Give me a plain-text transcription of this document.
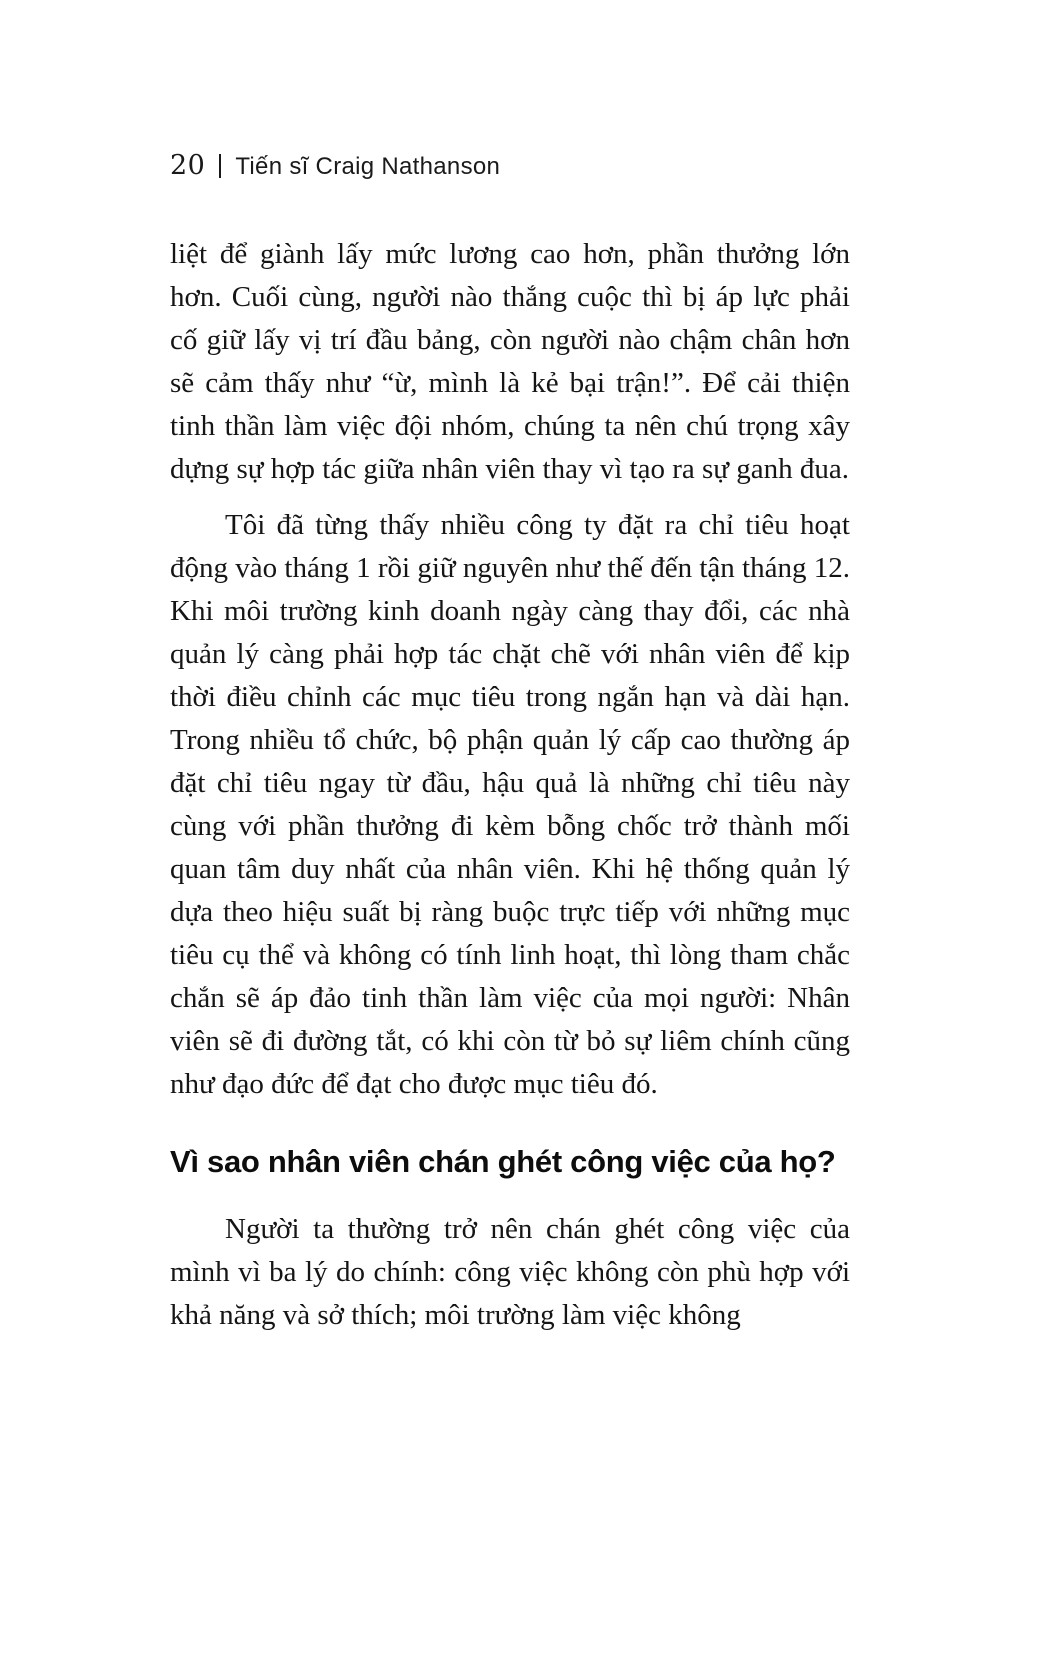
20 Tiến sĩ Craig Nathanson

liệt để giành lấy mức lương cao hơn, phần thưởng lớn hơn. Cuối cùng, người nào thắng cuộc thì bị áp lực phải cố giữ lấy vị trí đầu bảng, còn người nào chậm chân hơn sẽ cảm thấy như “ừ, mình là kẻ bại trận!”. Để cải thiện tinh thần làm việc đội nhóm, chúng ta nên chú trọng xây dựng sự hợp tác giữa nhân viên thay vì tạo ra sự ganh đua.

Tôi đã từng thấy nhiều công ty đặt ra chỉ tiêu hoạt động vào tháng 1 rồi giữ nguyên như thế đến tận tháng 12. Khi môi trường kinh doanh ngày càng thay đổi, các nhà quản lý càng phải hợp tác chặt chẽ với nhân viên để kịp thời điều chỉnh các mục tiêu trong ngắn hạn và dài hạn. Trong nhiều tổ chức, bộ phận quản lý cấp cao thường áp đặt chỉ tiêu ngay từ đầu, hậu quả là những chỉ tiêu này cùng với phần thưởng đi kèm bỗng chốc trở thành mối quan tâm duy nhất của nhân viên. Khi hệ thống quản lý dựa theo hiệu suất bị ràng buộc trực tiếp với những mục tiêu cụ thể và không có tính linh hoạt, thì lòng tham chắc chắn sẽ áp đảo tinh thần làm việc của mọi người: Nhân viên sẽ đi đường tắt, có khi còn từ bỏ sự liêm chính cũng như đạo đức để đạt cho được mục tiêu đó.

Vì sao nhân viên chán ghét công việc của họ?

Người ta thường trở nên chán ghét công việc của mình vì ba lý do chính: công việc không còn phù hợp với khả năng và sở thích; môi trường làm việc không
